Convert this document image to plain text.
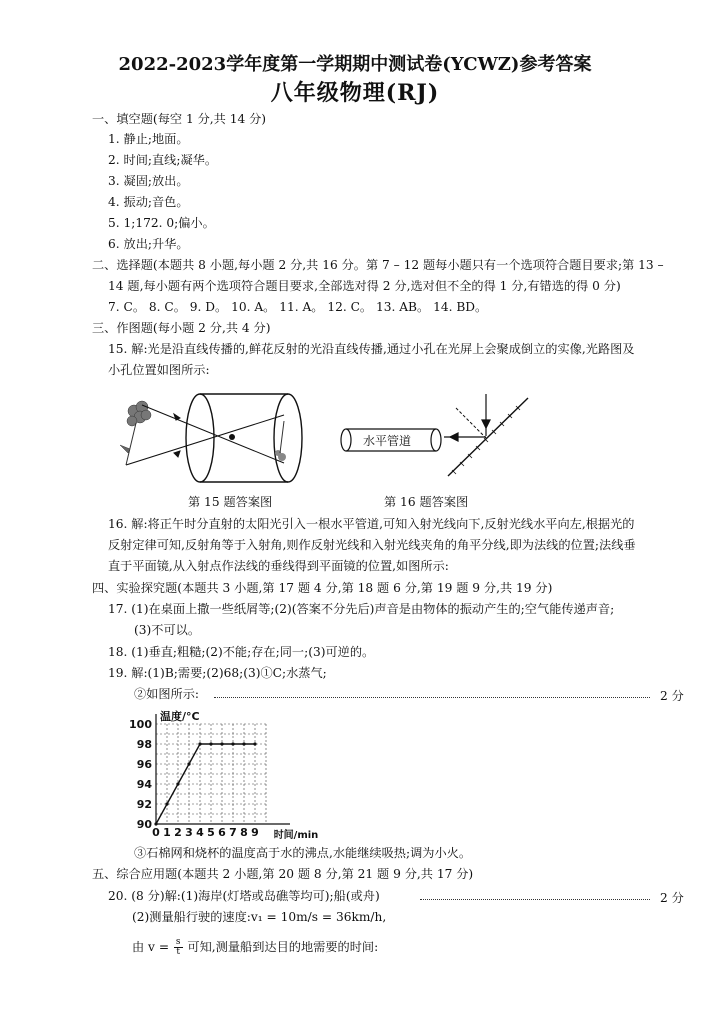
2022-2023学年度第一学期期中测试卷(YCWZ)参考答案
八年级物理(RJ)
一、填空题(每空 1 分,共 14 分)
1. 静止;地面。
2. 时间;直线;凝华。
3. 凝固;放出。
4. 振动;音色。
5. 1;172. 0;偏小。
6. 放出;升华。
二、选择题(本题共 8 小题,每小题 2 分,共 16 分。第 7 – 12 题每小题只有一个选项符合题目要求;第 13 –
14 题,每小题有两个选项符合题目要求,全部选对得 2 分,选对但不全的得 1 分,有错选的得 0 分)
7. C。 8. C。 9. D。 10. A。 11. A。 12. C。 13. AB。 14. BD。
三、作图题(每小题 2 分,共 4 分)
15. 解:光是沿直线传播的,鲜花反射的光沿直线传播,通过小孔在光屏上会聚成倒立的实像,光路图及
小孔位置如图所示:
水平管道
第 15 题答案图	第 16 题答案图
16. 解:将正午时分直射的太阳光引入一根水平管道,可知入射光线向下,反射光线水平向左,根据光的
反射定律可知,反射角等于入射角,则作反射光线和入射光线夹角的角平分线,即为法线的位置;法线垂
直于平面镜,从入射点作法线的垂线得到平面镜的位置,如图所示:
四、实验探究题(本题共 3 小题,第 17 题 4 分,第 18 题 6 分,第 19 题 9 分,共 19 分)
17. (1)在桌面上撒一些纸屑等;(2)(答案不分先后)声音是由物体的振动产生的;空气能传递声音;
(3)不可以。
18. (1)垂直;粗糙;(2)不能;存在;同一;(3)可逆的。
19. 解:(1)B;需要;(2)68;(3)①C;水蒸气;
②如图所示:	2 分
90
92
94
96
98
100
0 1 2 3 4 5 6 7 8 9
温度/°C
时间/min
③石棉网和烧杯的温度高于水的沸点,水能继续吸热;调为小火。
五、综合应用题(本题共 2 小题,第 20 题 8 分,第 21 题 9 分,共 17 分)
20. (8 分)解:(1)海岸(灯塔或岛礁等均可);船(或舟)	2 分
(2)测量船行驶的速度:v₁ = 10m/s = 36km/h,
由 $v = \frac{s}{t}$ 可知,测量船到达目的地需要的时间:
